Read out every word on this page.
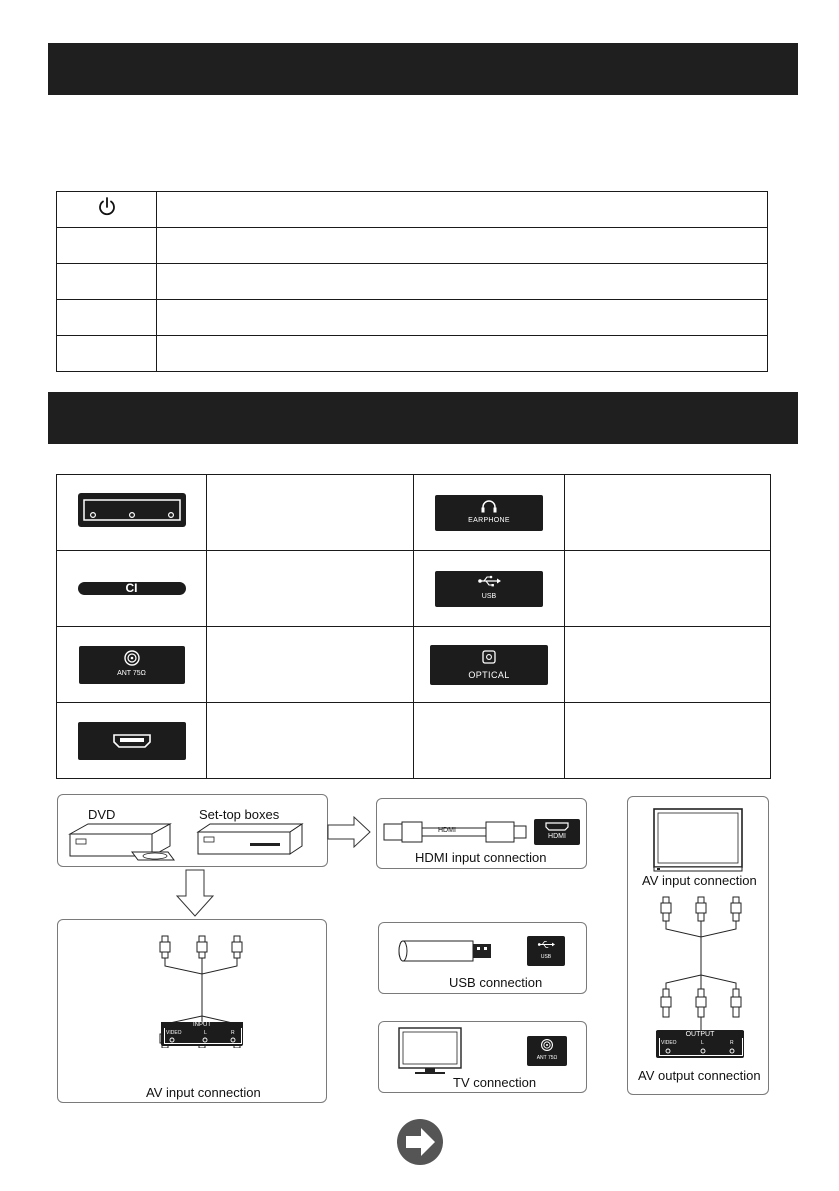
EARPHONE	

CI		USB	

ANT 75Ω		OPTICAL	

DVD	Set-top boxes
HDMI
HDMI
HDMI input connection
INPUT
VIDEO	L	R
AV input connection
USB
USB connection
ANT 75Ω
TV connection
AV input connection
OUTPUT
VIDEO	L	R
AV output connection
